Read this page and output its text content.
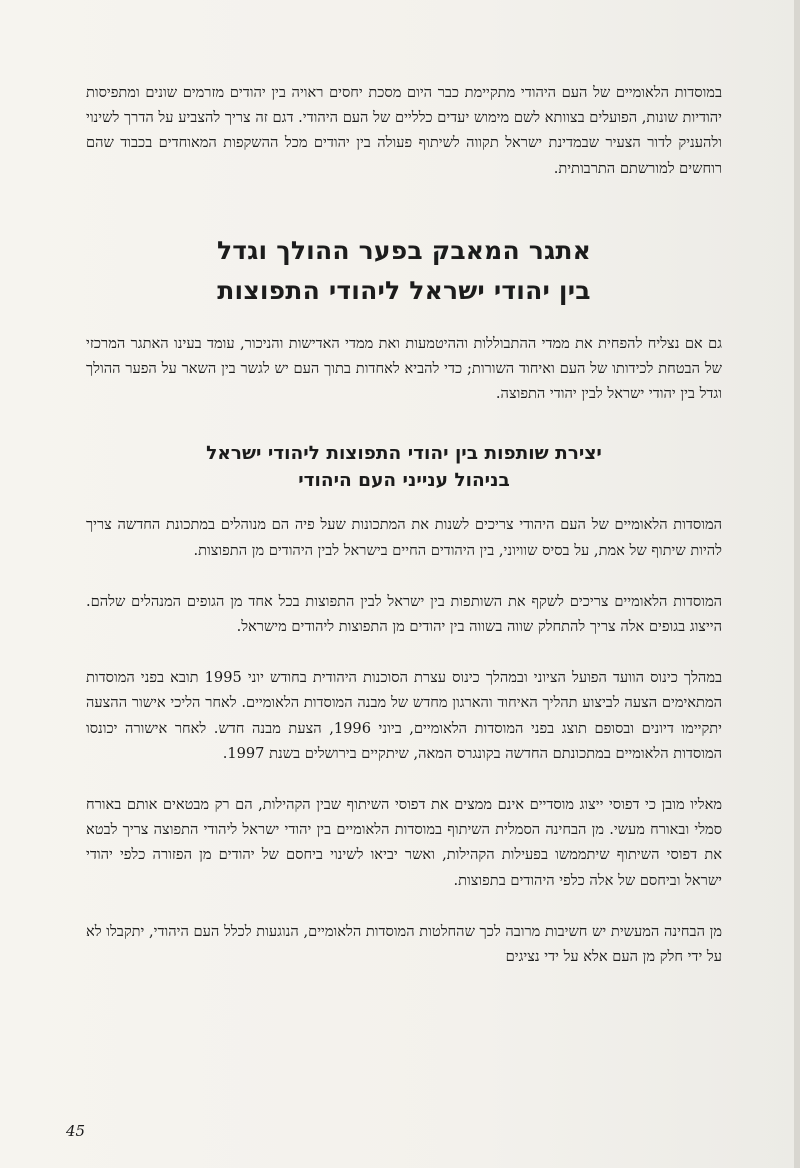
במוסדות הלאומיים של העם היהודי מתקיימת כבר היום מסכת יחסים ראויה בין יהודים מזרמים שונים ומתפיסות יהודיות שונות, הפועלים בצוותא לשם מימוש יעדים כלליים של העם היהודי. דגם זה צריך להצביע על הדרך לשינוי ולהעניק לדור הצעיר שבמדינת ישראל תקווה לשיתוף פעולה בין יהודים מכל ההשקפות המאוחדים בכבוד שהם רוחשים למורשתם התרבותית.

אתגר המאבק בפער ההולך וגדל
בין יהודי ישראל ליהודי התפוצות

גם אם נצליח להפחית את ממדי ההתבוללות וההיטמעות ואת ממדי האדישות והניכור, עומד בעינו האתגר המרכזי של הבטחת לכידותו של העם ואיחוד השורות; כדי להביא לאחדות בתוך העם יש לגשר בין השאר על הפער ההולך וגדל בין יהודי ישראל לבין יהודי התפוצה.

יצירת שותפות בין יהודי התפוצות ליהודי ישראל
בניהול ענייני העם היהודי

המוסדות הלאומיים של העם היהודי צריכים לשנות את המתכונות שעל פיה הם מנוהלים במתכונת החדשה צריך להיות שיתוף של אמת, על בסיס שוויוני, בין היהודים החיים בישראל לבין היהודים מן התפוצות.

המוסדות הלאומיים צריכים לשקף את השותפות בין ישראל לבין התפוצות בכל אחד מן הגופים המנהלים שלהם. הייצוג בגופים אלה צריך להתחלק שווה בשווה בין יהודים מן התפוצות ליהודים מישראל.

במהלך כינוס הוועד הפועל הציוני ובמהלך כינוס עצרת הסוכנות היהודית בחודש יוני 1995 תובא בפני המוסדות המתאימים הצעה לביצוע תהליך האיחוד והארגון מחדש של מבנה המוסדות הלאומיים. לאחר הליכי אישור ההצעה יתקיימו דיונים ובסופם תוצג בפני המוסדות הלאומיים, ביוני 1996, הצעת מבנה חדש. לאחר אישורה יכונסו המוסדות הלאומיים במתכונתם החדשה בקונגרס המאה, שיתקיים בירושלים בשנת 1997.

מאליו מובן כי דפוסי ייצוג מוסדיים אינם ממצים את דפוסי השיתוף שבין הקהילות, הם רק מבטאים אותם באורח סמלי ובאורח מעשי. מן הבחינה הסמלית השיתוף במוסדות הלאומיים בין יהודי ישראל ליהודי התפוצה צריך לבטא את דפוסי השיתוף שיתממשו בפעילות הקהילות, ואשר יביאו לשינוי ביחסם של יהודים מן הפזורה כלפי יהודי ישראל וביחסם של אלה כלפי היהודים בתפוצות.

מן הבחינה המעשית יש חשיבות מרובה לכך שהחלטות המוסדות הלאומיים, הנוגעות לכלל העם היהודי, יתקבלו לא על ידי חלק מן העם אלא על ידי נציגים

45
